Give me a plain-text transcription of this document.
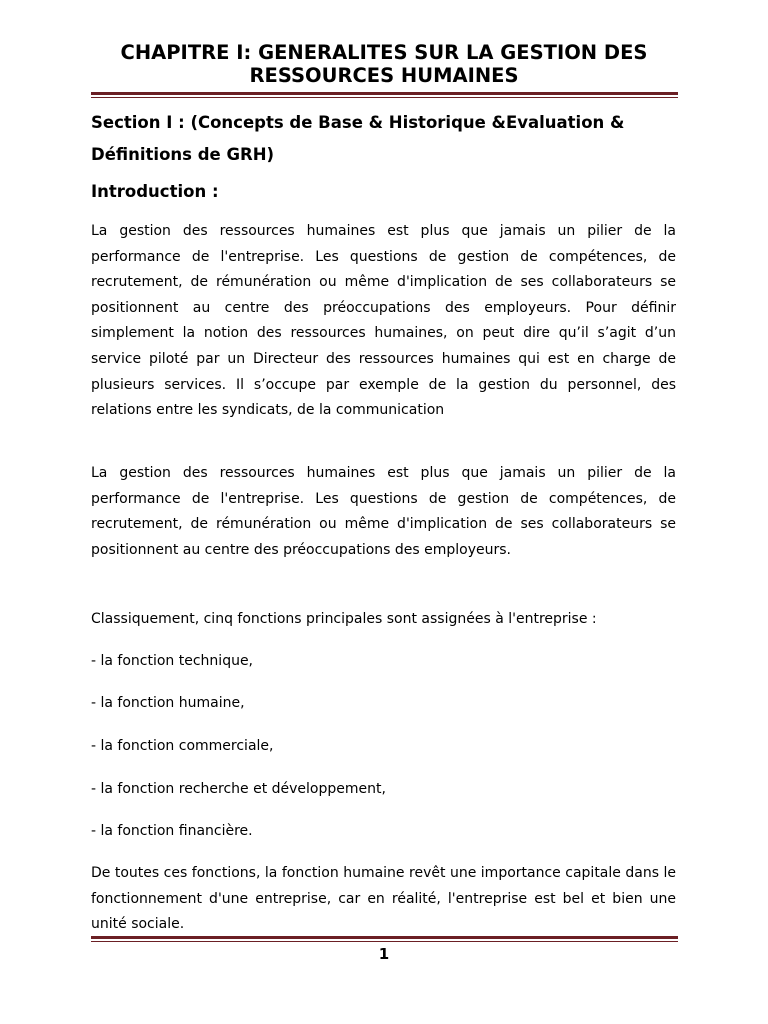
CHAPITRE I: GENERALITES SUR LA GESTION DES RESSOURCES HUMAINES
Section I : (Concepts de Base & Historique &Evaluation & Définitions de GRH)
Introduction :

La gestion des ressources humaines est plus que jamais un pilier de la performance de l'entreprise. Les questions de gestion de compétences, de recrutement, de rémunération ou même d'implication de ses collaborateurs se positionnent au centre des préoccupations des employeurs. Pour définir simplement la notion des ressources humaines, on peut dire qu’il s’agit d’un service piloté par un Directeur des ressources humaines qui est en charge de plusieurs services. Il s’occupe par exemple de la gestion du personnel, des relations entre les syndicats, de la communication

La gestion des ressources humaines est plus que jamais un pilier de la performance de l'entreprise. Les questions de gestion de compétences, de recrutement, de rémunération ou même d'implication de ses collaborateurs se positionnent au centre des préoccupations des employeurs.

Classiquement, cinq fonctions principales sont assignées à l'entreprise :

- la fonction technique,

- la fonction humaine,

- la fonction commerciale,

- la fonction recherche et développement,

- la fonction financière.

De toutes ces fonctions, la fonction humaine revêt une importance capitale dans le fonctionnement d'une entreprise, car en réalité, l'entreprise est bel et bien une unité sociale.

1
